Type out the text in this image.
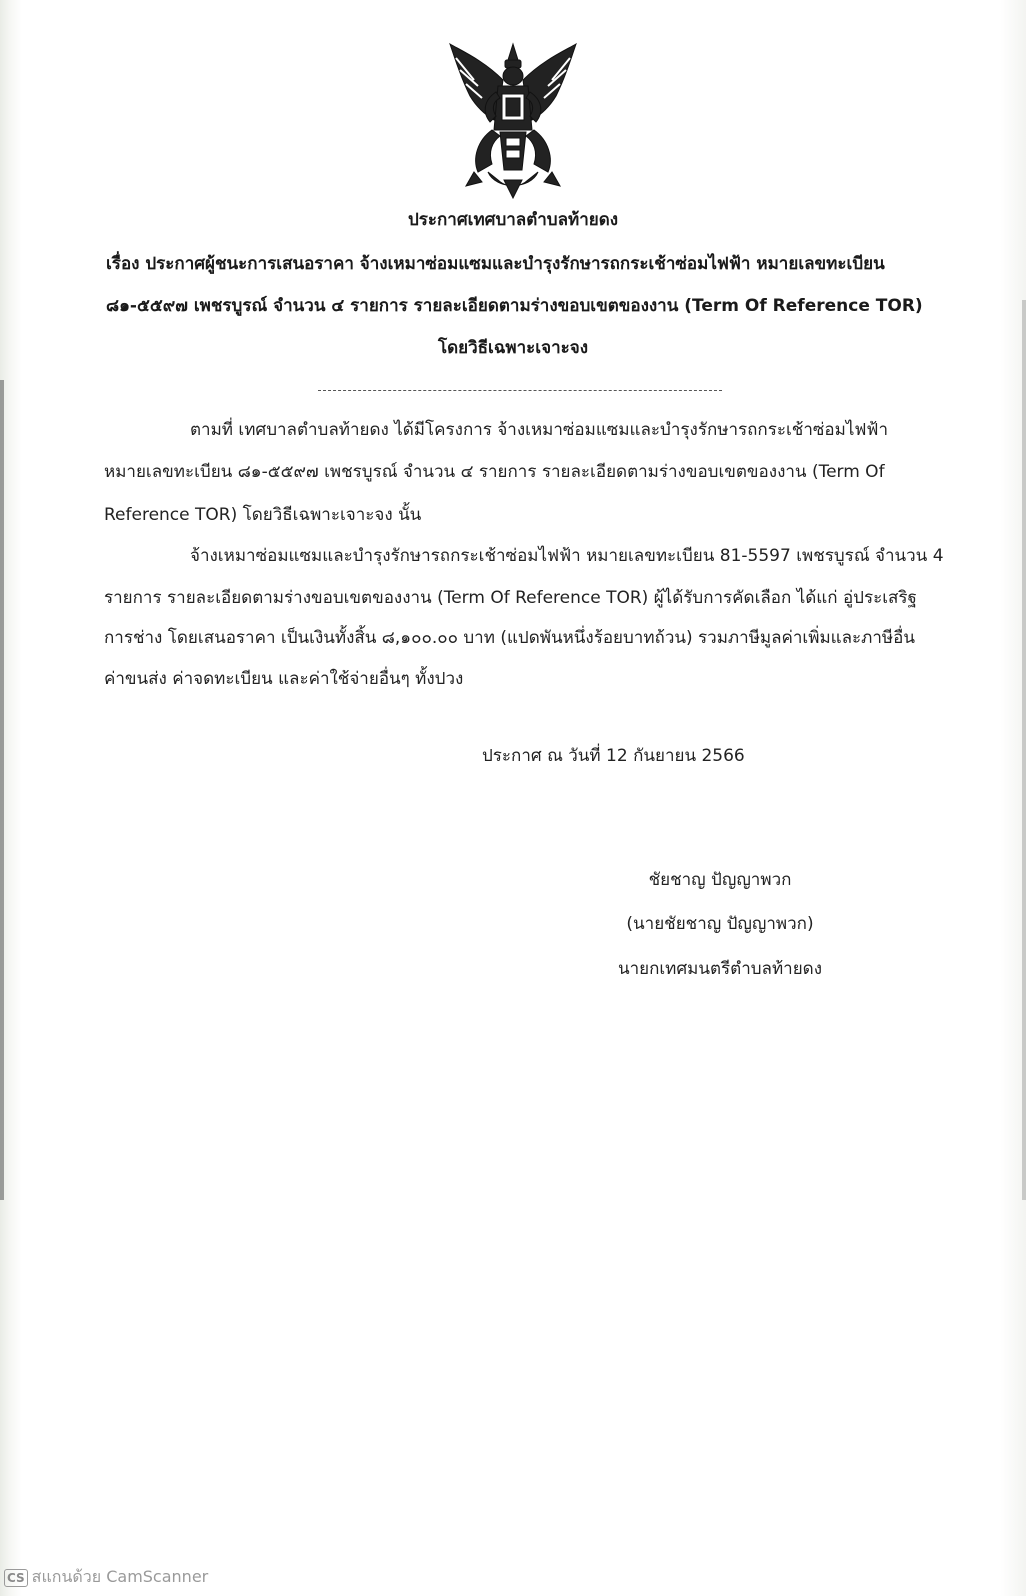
ประกาศเทศบาลตำบลท้ายดง
เรื่อง ประกาศผู้ชนะการเสนอราคา จ้างเหมาซ่อมแซมและบำรุงรักษารถกระเช้าซ่อมไฟฟ้า หมายเลขทะเบียน
๘๑-๕๕๙๗ เพชรบูรณ์ จำนวน ๔ รายการ รายละเอียดตามร่างขอบเขตของงาน (Term Of Reference TOR)
โดยวิธีเฉพาะเจาะจง
ตามที่ เทศบาลตำบลท้ายดง ได้มีโครงการ จ้างเหมาซ่อมแซมและบำรุงรักษารถกระเช้าซ่อมไฟฟ้า
หมายเลขทะเบียน ๘๑-๕๕๙๗ เพชรบูรณ์ จำนวน ๔ รายการ รายละเอียดตามร่างขอบเขตของงาน (Term Of
Reference TOR) โดยวิธีเฉพาะเจาะจง นั้น
จ้างเหมาซ่อมแซมและบำรุงรักษารถกระเช้าซ่อมไฟฟ้า หมายเลขทะเบียน 81-5597 เพชรบูรณ์ จำนวน 4
รายการ รายละเอียดตามร่างขอบเขตของงาน (Term Of Reference TOR) ผู้ได้รับการคัดเลือก ได้แก่ อู่ประเสริฐ
การช่าง โดยเสนอราคา เป็นเงินทั้งสิ้น ๘,๑๐๐.๐๐ บาท (แปดพันหนึ่งร้อยบาทถ้วน) รวมภาษีมูลค่าเพิ่มและภาษีอื่น
ค่าขนส่ง ค่าจดทะเบียน และค่าใช้จ่ายอื่นๆ ทั้งปวง
ประกาศ ณ วันที่ 12 กันยายน 2566
ชัยชาญ ปัญญาพวก
(นายชัยชาญ ปัญญาพวก)
นายกเทศมนตรีตำบลท้ายดง
CS สแกนด้วย CamScanner
